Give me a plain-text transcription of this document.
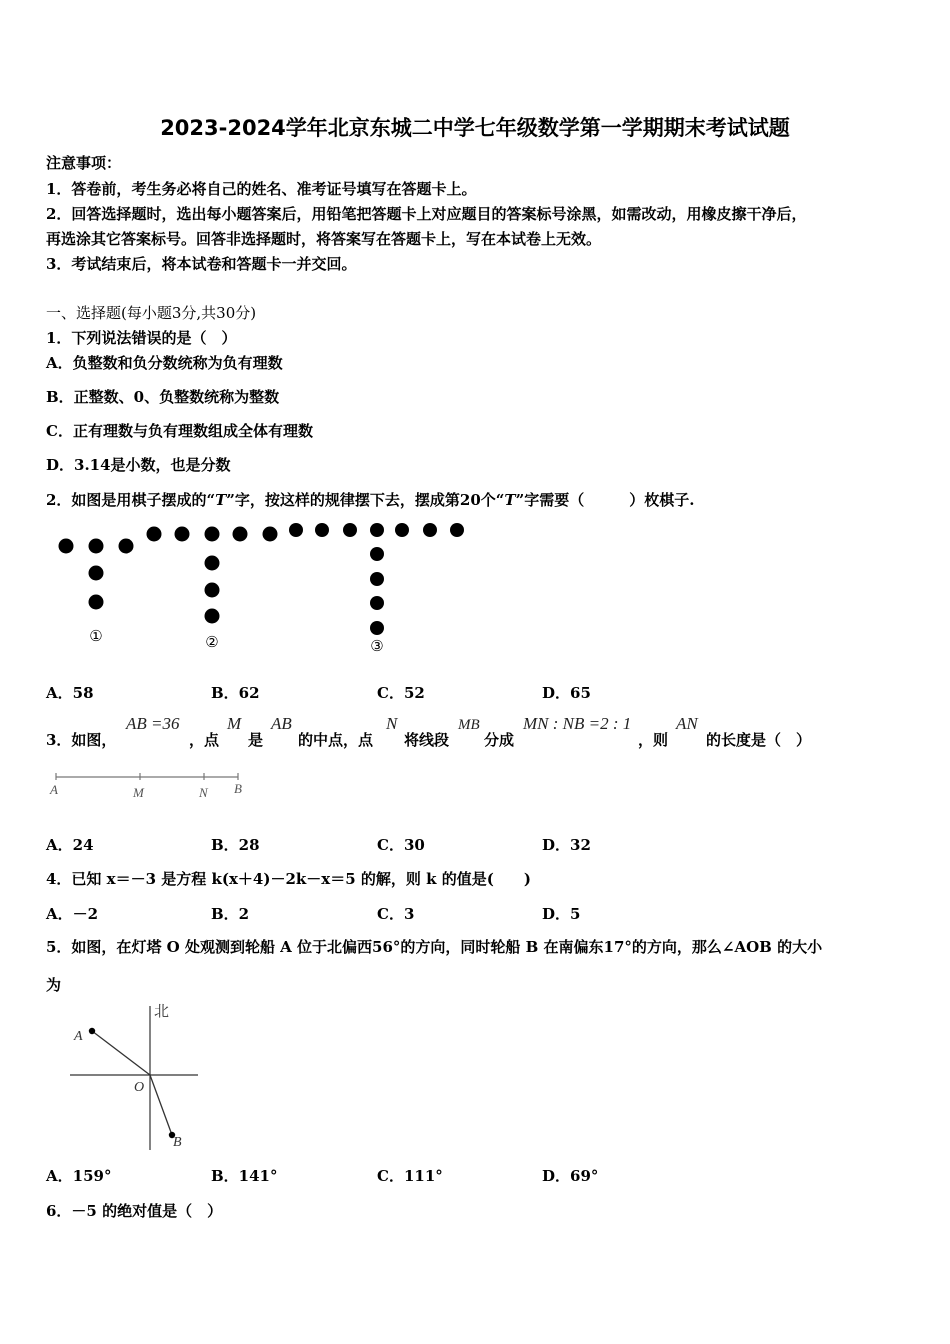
2023-2024学年北京东城二中学七年级数学第一学期期末考试试题
注意事项：
1．答卷前，考生务必将自己的姓名、准考证号填写在答题卡上。
2．回答选择题时，选出每小题答案后，用铅笔把答题卡上对应题目的答案标号涂黑，如需改动，用橡皮擦干净后，
再选涂其它答案标号。回答非选择题时，将答案写在答题卡上，写在本试卷上无效。
3．考试结束后，将本试卷和答题卡一并交回。
一、选择题(每小题3分,共30分)
1．下列说法错误的是（　）
A．负整数和负分数统称为负有理数
B．正整数、0、负整数统称为整数
C．正有理数与负有理数组成全体有理数
D．3.14是小数，也是分数
2．如图是用棋子摆成的“T”字，按这样的规律摆下去，摆成第20个“T”字需要（　　　）枚棋子.
①	②	③
A．58	B．62	C．52	D．65
3．如图，
AB =36
，点
M
是
AB
的中点，点
N
将线段
MB
分成
MN : NB =2 : 1
，则
AN
的长度是（　）
A	M	N B
A．24	B．28	C．30	D．32
4．已知 x＝－3 是方程 k(x＋4)－2k－x＝5 的解，则 k 的值是(　　)
A．－2	B．2	C．3	D．5
5．如图，在灯塔 O 处观测到轮船 A 位于北偏西56°的方向，同时轮船 B 在南偏东17°的方向，那么∠AOB 的大小
为
北
A
O
B
A．159°	B．141°	C．111°	D．69°
6．－5 的绝对值是（　）
